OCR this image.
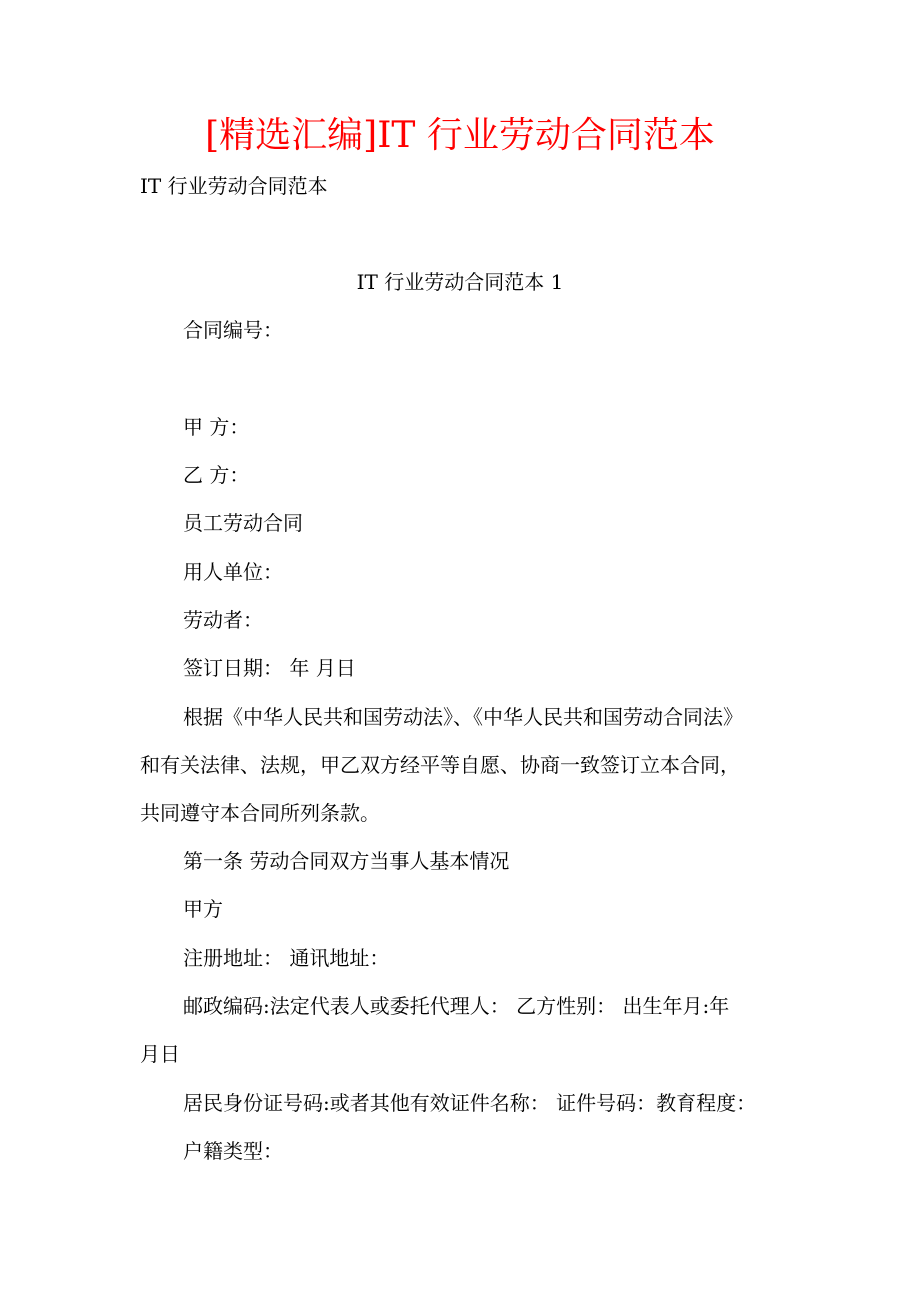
[精选汇编]IT 行业劳动合同范本
IT 行业劳动合同范本
IT 行业劳动合同范本 1
合同编号：
甲 方：
乙 方：
员工劳动合同
用人单位：
劳动者：
签订日期： 年 月日
根据《中华人民共和国劳动法》、《中华人民共和国劳动合同法》
和有关法律、法规，甲乙双方经平等自愿、协商一致签订立本合同，
共同遵守本合同所列条款。
第一条 劳动合同双方当事人基本情况
甲方
注册地址： 通讯地址：
邮政编码:法定代表人或委托代理人： 乙方性别： 出生年月:年
月日
居民身份证号码:或者其他有效证件名称： 证件号码：教育程度：
户籍类型：
